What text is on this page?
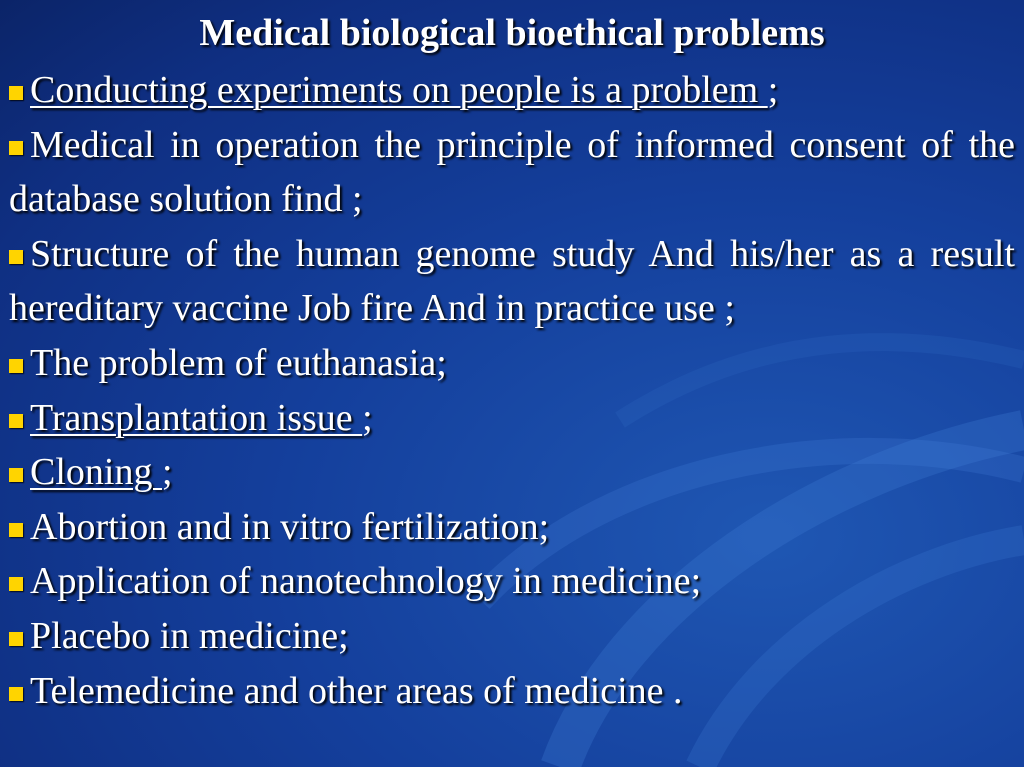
Medical biological bioethical problems
Conducting experiments on people is a problem ;
Medical in operation the principle of informed consent of the database solution find ;
Structure of the human genome study And his/her as a result hereditary vaccine Job fire And in practice use ;
The problem of euthanasia;
Transplantation issue ;
Cloning ;
Abortion and in vitro fertilization;
Application of nanotechnology in medicine;
Placebo in medicine;
Telemedicine and other areas of medicine .
